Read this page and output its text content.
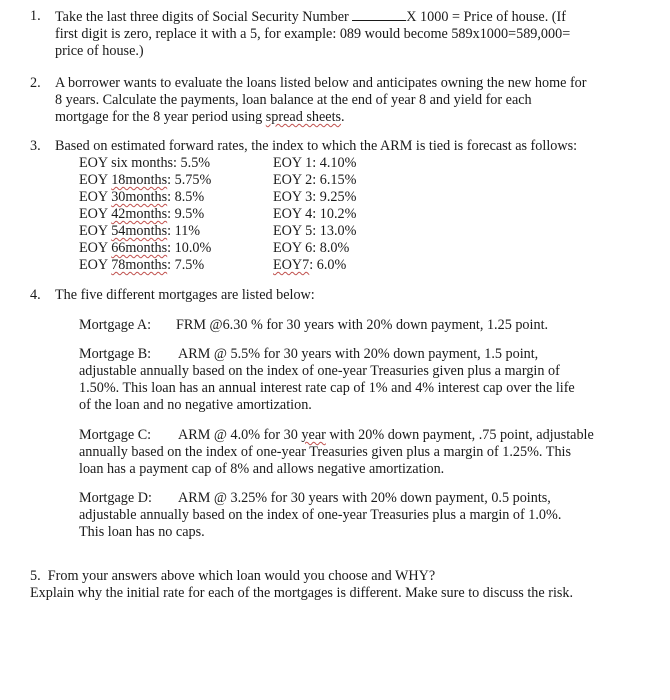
1. Take the last three digits of Social Security Number	X 1000 = Price of house. (If
first digit is zero, replace it with a 5, for example: 089 would become 589x1000=589,000=
price of house.)
2. A borrower wants to evaluate the loans listed below and anticipates owning the new home for
8 years. Calculate the payments, loan balance at the end of year 8 and yield for each
mortgage for the 8 year period using spread sheets.
3. Based on estimated forward rates, the index to which the ARM is tied is forecast as follows:
EOY six months: 5.5%
EOY 18months: 5.75%
EOY 30months: 8.5%
EOY 42months: 9.5%
EOY 54months: 11%
EOY 66months: 10.0%
EOY 78months: 7.5%
EOY 1: 4.10%
EOY 2: 6.15%
EOY 3: 9.25%
EOY 4: 10.2%
EOY 5: 13.0%
EOY 6: 8.0%
EOY7: 6.0%
4. The five different mortgages are listed below:
Mortgage A: FRM @6.30 % for 30 years with 20% down payment, 1.25 point.
Mortgage B: ARM @ 5.5% for 30 years with 20% down payment, 1.5 point,
adjustable annually based on the index of one-year Treasuries given plus a margin of
1.50%. This loan has an annual interest rate cap of 1% and 4% interest cap over the life
of the loan and no negative amortization.
Mortgage C: ARM @ 4.0% for 30 year with 20% down payment, .75 point, adjustable
annually based on the index of one-year Treasuries given plus a margin of 1.25%. This
loan has a payment cap of 8% and allows negative amortization.
Mortgage D: ARM @ 3.25% for 30 years with 20% down payment, 0.5 points,
adjustable annually based on the index of one-year Treasuries plus a margin of 1.0%.
This loan has no caps.
5. From your answers above which loan would you choose and WHY?
Explain why the initial rate for each of the mortgages is different. Make sure to discuss the risk.
